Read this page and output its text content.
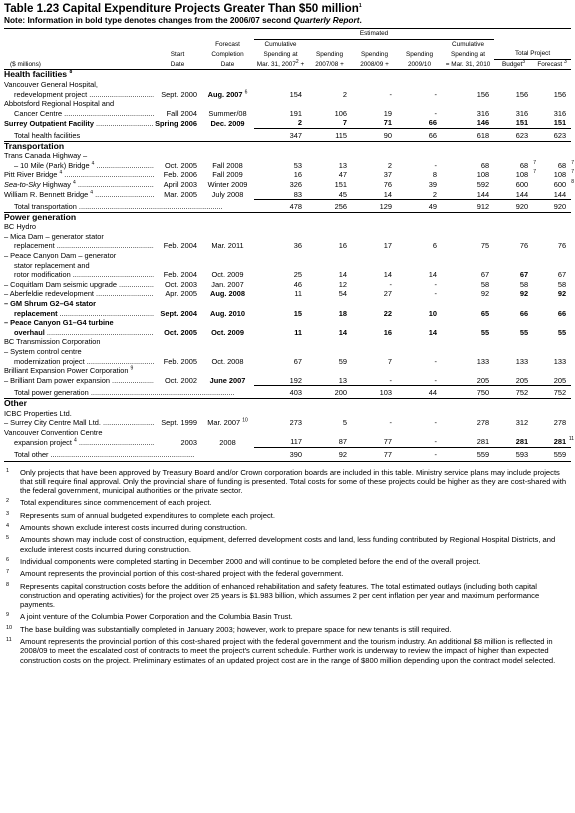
Table 1.23 Capital Expenditure Projects Greater Than $50 million$^1$
Note: Information in bold type denotes changes from the 2006/07 second Quarterly Report.
			Estimated						
		Forecast	Cumulative				Cumulative		
	Start	Completion	Spending at	Spending	Spending	Spending	Spending at	Total Project	
($ millions)	Date	Date	Mar. 31, $2007^2$ +	2007/08 +	2008/09 +	2009/10	= Mar. 31, 2010	Budget$^3$	Forecast $^3$
Health facilities $^8$
Vancouver General Hospital,									
redevelopment project .....	Sept. 2000	Aug. 2007 $^6$	154	2	-	-	156	156	156
Abbotsford Regional Hospital and									
Cancer Centre .....	Fall 2004	Summer/08	191	106	19	-	316	316	316
Surrey Outpatient Facility .....	Spring 2006	Dec. 2009	2	7	71	66	146	151	151
Total health facilities			347	115	90	66	618	623	623
Transportation									
Trans Canada Highway –									
– 10 Mile (Park) Bridge $^4$ .....	Oct. 2005	Fall 2008	53	13	2	-	68	68 7	68 7

Pitt River Bridge $^4$ .....	Feb. 2006	Fall 2009	16	47	37	8	108	108 7	108 7

Sea-to-Sky Highway $^4$ .....	April 2003	Winter 2009	326	151	76	39	592	600	600 8

William R. Bennett Bridge $^4$ .....	Mar. 2005	July 2008	83	45	14	2	144	144	144
Total transportation .....			478	256	129	49	912	920	920
Power generation									
BC Hydro									
– Mica Dam – generator stator									
replacement .....	Feb. 2004	Mar. 2011	36	16	17	6	75	76	76
– Peace Canyon Dam – generator									
stator replacement and									
rotor modification .....	Feb. 2004	Oct. 2009	25	14	14	14	67	67	67
– Coquitlam Dam seismic upgrade .....	Oct. 2003	Jan. 2007	46	12	-	-	58	58	58
– Aberfeldie redevelopment .....	Apr. 2005	Aug. 2008	11	54	27	-	92	92	92
– GM Shrum G2–G4 stator									
replacement .....	Sept. 2004	Aug. 2010	15	18	22	10	65	66	66
– Peace Canyon G1–G4 turbine									
overhaul .....	Oct. 2005	Oct. 2009	11	14	16	14	55	55	55
BC Transmission Corporation									
– System control centre									
modernization project .....	Feb. 2005	Oct. 2008	67	59	7	-	133	133	133
Brilliant Expansion Power Corporation $^9$									
– Brilliant Dam power expansion .....	Oct. 2002	June 2007	192	13	-	-	205	205	205
Total power generation .....			403	200	103	44	750	752	752
Other									
ICBC Properties Ltd.									
– Surrey City Centre Mall Ltd. .....	Sept. 1999	Mar. 2007 $^{10}$	273	5	-	-	278	312	278
Vancouver Convention Centre									
expansion project $^4$ .....	2003	2008	117	87	77	-	281	281	281 11

Total other .....			390	92	77	-	559	593	559
1	Only projects that have been approved by Treasury Board and/or Crown corporation boards are included in this table. Ministry service plans may include projects that still require final approval. Only the provincial share of funding is presented. Total costs for some of these projects could be higher as they are cost-shared with the federal government, municipal authorities or the private sector.
2	Total expenditures since commencement of each project.
3	Represents sum of annual budgeted expenditures to complete each project.
4	Amounts shown exclude interest costs incurred during construction.
5	Amounts shown may include cost of construction, equipment, deferred development costs and land, less funding contributed by Regional Hospital Districts, and exclude interest costs incurred during construction.
6	Individual components were completed starting in December 2000 and will continue to be completed before the end of the overall project.
7	Amount represents the provincial portion of this cost-shared project with the federal government.
8	Represents capital construction costs before the addition of enhanced rehabilitation and safety features. The total estimated outlays (including both capital construction and operating activities) for the project over 25 years is $1.983 billion, which assumes 2 per cent inflation per year and maximum performance payments.
9	A joint venture of the Columbia Power Corporation and the Columbia Basin Trust.
10	The base building was substantially completed in January 2003; however, work to prepare space for new tenants is still required.
11	Amount represents the provincial portion of this cost-shared project with the federal government and the tourism industry. An additional $8 million is reflected in 2008/09 to meet the escalated cost of contracts to meet the project's current schedule. Further work is underway to review the impact of higher than expected construction costs on the project. Preliminary estimates of an updated project cost are in the range of $800 million depending upon the contract model selected.
